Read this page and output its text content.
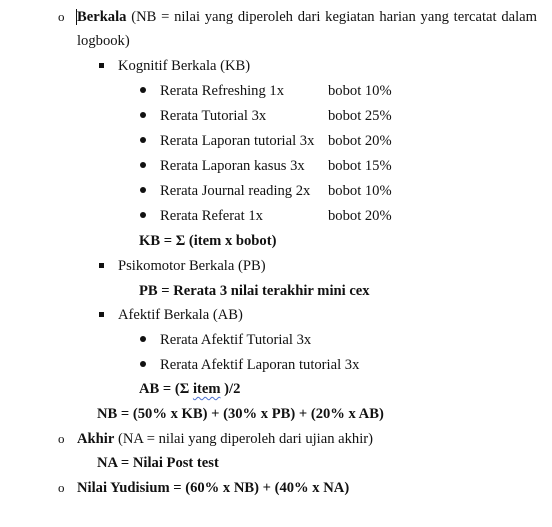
o Berkala (NB = nilai yang diperoleh dari kegiatan harian yang tercatat dalam
logbook)
Kognitif Berkala (KB)
Rerata Refreshing 1x	bobot 10%
Rerata Tutorial 3x	bobot 25%
Rerata Laporan tutorial 3x bobot 20%
Rerata Laporan kasus 3x bobot 15%
Rerata Journal reading 2x bobot 10%
Rerata Referat 1x	bobot 20%
KB = Σ (item x bobot)
Psikomotor Berkala (PB)
PB = Rerata 3 nilai terakhir mini cex
Afektif Berkala (AB)
Rerata Afektif Tutorial 3x
Rerata Afektif Laporan tutorial 3x
AB = (Σ item )/2
NB = (50% x KB) + (30% x PB) + (20% x AB)
o Akhir (NA = nilai yang diperoleh dari ujian akhir)
NA = Nilai Post test
o Nilai Yudisium = (60% x NB) + (40% x NA)
